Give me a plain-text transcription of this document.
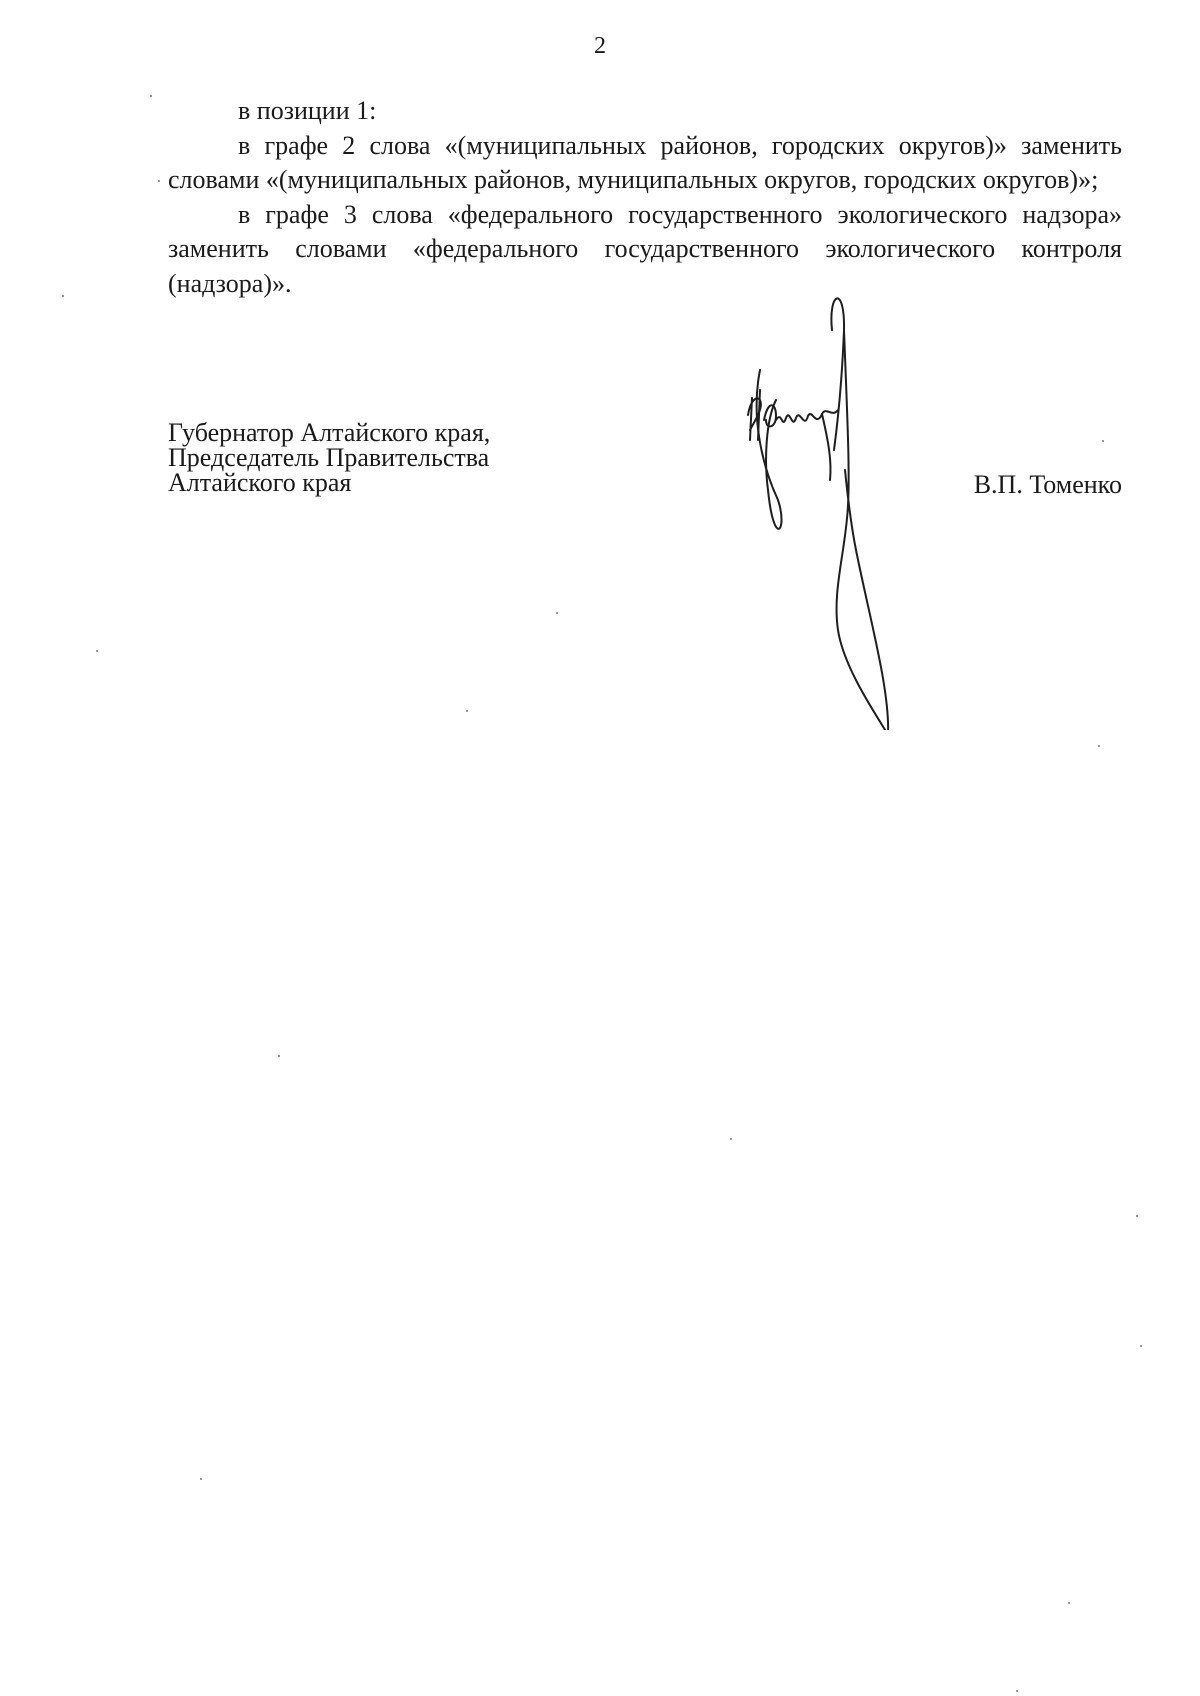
2

в позиции 1:

в графе 2 слова «(муниципальных районов, городских округов)» заменить словами «(муниципальных районов, муниципальных округов, городских округов)»;

в графе 3 слова «федерального государственного экологического надзора» заменить словами «федерального государственного экологического контроля (надзора)».

Губернатор Алтайского края,
Председатель Правительства
Алтайского края	В.П. Томенко
